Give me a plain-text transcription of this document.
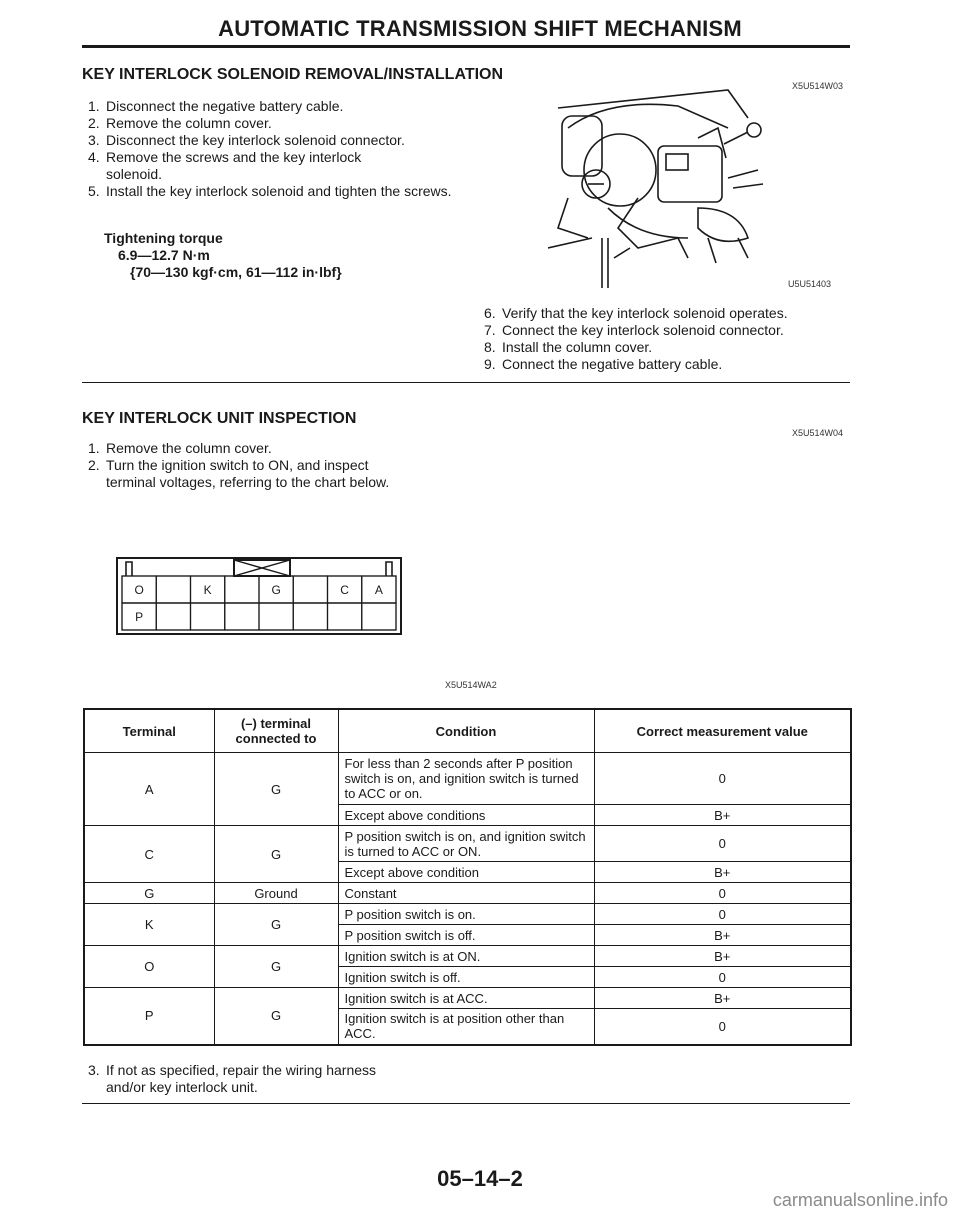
AUTOMATIC TRANSMISSION SHIFT MECHANISM
KEY INTERLOCK SOLENOID REMOVAL/INSTALLATION
X5U514W03
1. Disconnect the negative battery cable.
2. Remove the column cover.
3. Disconnect the key interlock solenoid connector.
4. Remove the screws and the key interlock solenoid.
5. Install the key interlock solenoid and tighten the screws.
Tightening torque
6.9—12.7 N·m
{70—130 kgf·cm, 61—112 in·lbf}
U5U51403
6. Verify that the key interlock solenoid operates.
7. Connect the key interlock solenoid connector.
8. Install the column cover.
9. Connect the negative battery cable.
KEY INTERLOCK UNIT INSPECTION
X5U514W04
1. Remove the column cover.
2. Turn the ignition switch to ON, and inspect terminal voltages, referring to the chart below.
O	K	G	C A
P
X5U514WA2
Terminal	(–) terminal connected to	Condition	Correct measurement value
A	G	For less than 2 seconds after P position switch is on, and ignition switch is turned to ACC or on.	0
		Except above conditions	B+
C	G	P position switch is on, and ignition switch is turned to ACC or ON.	0
		Except above condition	B+
G	Ground	Constant	0
K	G	P position switch is on.	0
		P position switch is off.	B+
O	G	Ignition switch is at ON.	B+
		Ignition switch is off.	0
P	G	Ignition switch is at ACC.	B+
		Ignition switch is at position other than ACC.	0
3. If not as specified, repair the wiring harness and/or key interlock unit.
05–14–2
carmanualsonline.info
